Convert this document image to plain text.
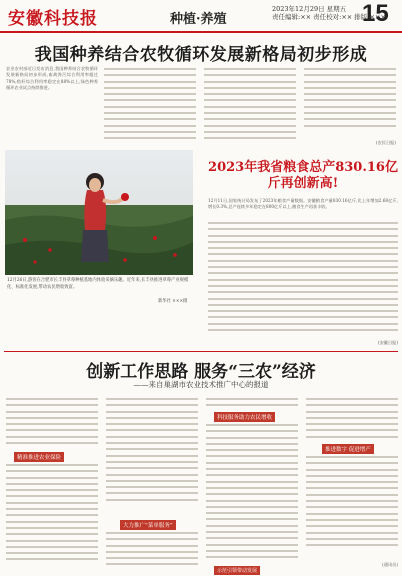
安徽科技报	种植·养殖
2023年12月29日 星期五
责任编辑:×× 责任校对:×× 排版:×××
15
我国种养结合农牧循环发展新格局初步形成
农业农村部近日发布消息,我国种养结合农牧循环发展新格局初步形成,畜禽粪污综合利用率超过78%,秸秆综合利用率稳定在88%以上,绿色种养循环农业试点持续推进。
(农民日报)
12月26日,游客在合肥市长丰县草莓种植基地内体验采摘乐趣。近年来,长丰县推进草莓产业规模化、标准化发展,带动农民增收致富。
新华社 ×××摄
2023年我省粮食总产830.16亿斤再创新高!
12月11日,国家统计局发布了2023年粮食产量数据。安徽粮食产量830.16亿斤,比上年增加2.68亿斤,增长0.3%,总产连续多年稳定在800亿斤以上,粮食生产再获丰收。
(安徽日报)
创新工作思路 服务“三农”经济
——来自巢湖市农业技术推广中心的报道
精准推进农业保险
大力推广“菜单服务”
科技服务助力农民增收
推进数字 促进增产
(通讯员)
示范引领带动发展
